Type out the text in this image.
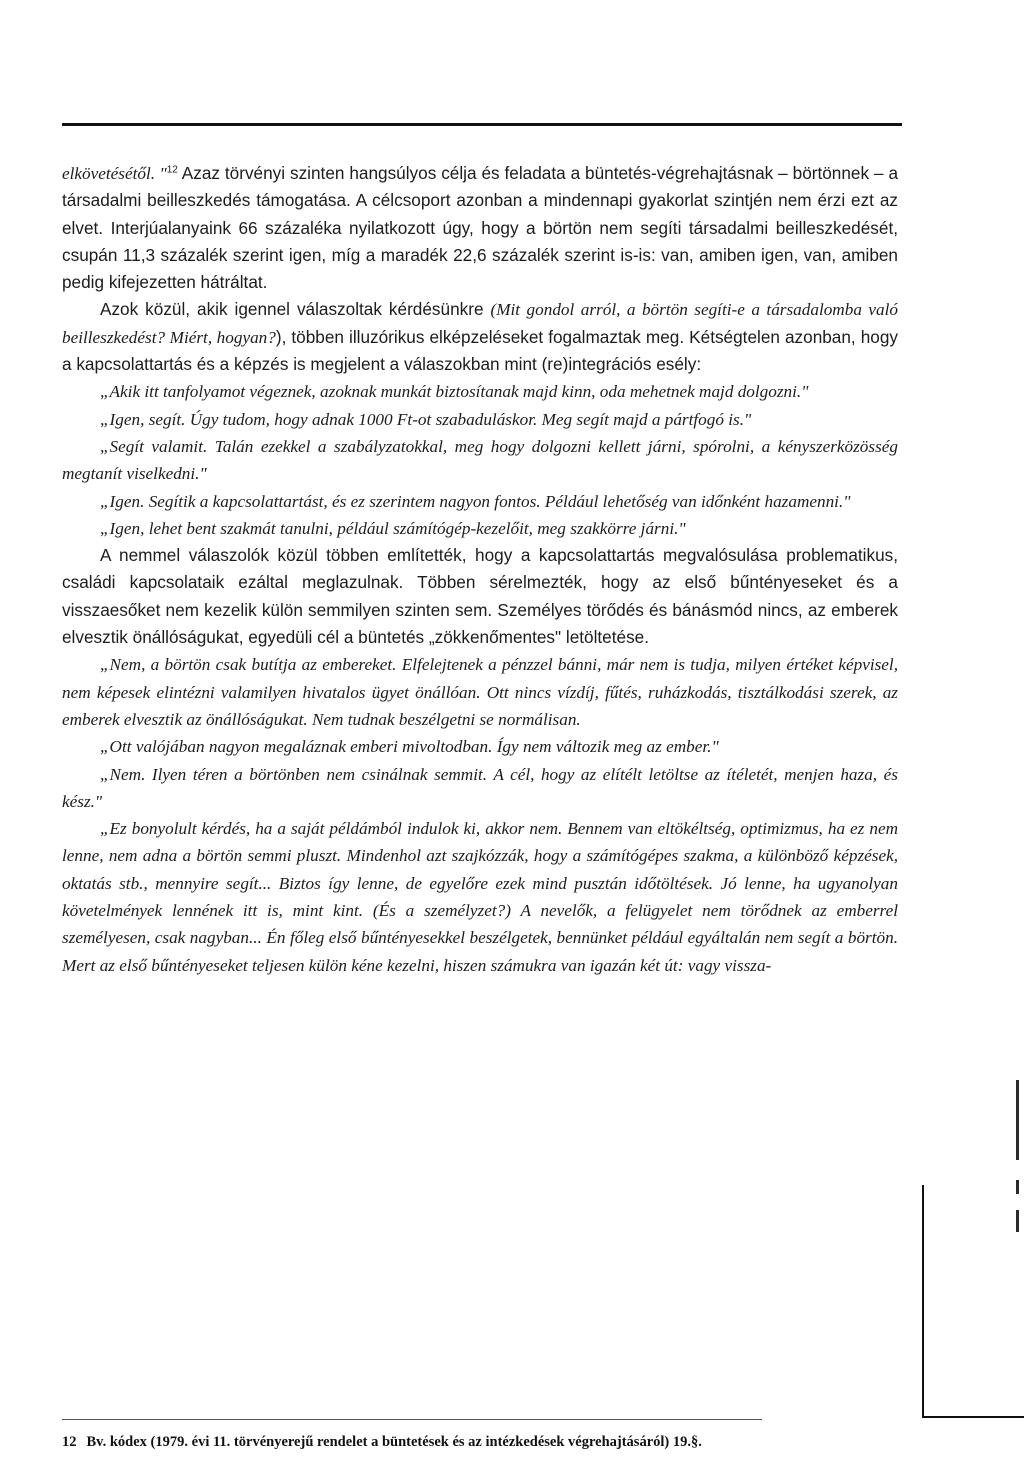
elkövetésétől. "$^{12}$ Azaz törvényi szinten hangsúlyos célja és feladata a büntetés-végrehajtásnak – börtönnek – a társadalmi beilleszkedés támogatása. A célcsoport azonban a mindennapi gyakorlat szintjén nem érzi ezt az elvet. Interjúalanyaink 66 százaléka nyilatkozott úgy, hogy a börtön nem segíti társadalmi beilleszkedését, csupán 11,3 százalék szerint igen, míg a maradék 22,6 százalék szerint is-is: van, amiben igen, van, amiben pedig kifejezetten hátráltat.

Azok közül, akik igennel válaszoltak kérdésünkre (Mit gondol arról, a börtön segíti-e a társadalomba való beilleszkedést? Miért, hogyan?), többen illuzórikus elképzeléseket fogalmaztak meg. Kétségtelen azonban, hogy a kapcsolattartás és a képzés is megjelent a válaszokban mint (re)integrációs esély:

„Akik itt tanfolyamot végeznek, azoknak munkát biztosítanak majd kinn, oda mehetnek majd dolgozni."

„Igen, segít. Úgy tudom, hogy adnak 1000 Ft-ot szabaduláskor. Meg segít majd a pártfogó is."

„Segít valamit. Talán ezekkel a szabályzatokkal, meg hogy dolgozni kellett járni, spórolni, a kényszerközösség megtanít viselkedni."

„Igen. Segítik a kapcsolattartást, és ez szerintem nagyon fontos. Például lehetőség van időnként hazamenni."

„Igen, lehet bent szakmát tanulni, például számítógép-kezelőit, meg szakkörre járni."

A nemmel válaszolók közül többen említették, hogy a kapcsolattartás megvalósulása problematikus, családi kapcsolataik ezáltal meglazulnak. Többen sérelmezték, hogy az első bűntényeseket és a visszaesőket nem kezelik külön semmilyen szinten sem. Személyes törődés és bánásmód nincs, az emberek elvesztik önállóságukat, egyedüli cél a büntetés „zökkenőmentes" letöltetése.

„Nem, a börtön csak butítja az embereket. Elfelejtenek a pénzzel bánni, már nem is tudja, milyen értéket képvisel, nem képesek elintézni valamilyen hivatalos ügyet önállóan. Ott nincs vízdíj, fűtés, ruházkodás, tisztálkodási szerek, az emberek elvesztik az önállóságukat. Nem tudnak beszélgetni se normálisan.

„Ott valójában nagyon megaláznak emberi mivoltodban. Így nem változik meg az ember."

„Nem. Ilyen téren a börtönben nem csinálnak semmit. A cél, hogy az elítélt letöltse az ítéletét, menjen haza, és kész."

„Ez bonyolult kérdés, ha a saját példámból indulok ki, akkor nem. Bennem van eltökéltség, optimizmus, ha ez nem lenne, nem adna a börtön semmi pluszt. Mindenhol azt szajkózzák, hogy a számítógépes szakma, a különböző képzések, oktatás stb., mennyire segít... Biztos így lenne, de egyelőre ezek mind pusztán időtöltések. Jó lenne, ha ugyanolyan követelmények lennének itt is, mint kint. (És a személyzet?) A nevelők, a felügyelet nem törődnek az emberrel személyesen, csak nagyban... Én főleg első bűntényesekkel beszélgetek, bennünket például egyáltalán nem segít a börtön. Mert az első bűntényeseket teljesen külön kéne kezelni, hiszen számukra van igazán két út: vagy vissza-

12 Bv. kódex (1979. évi 11. törvényerejű rendelet a büntetések és az intézkedések végrehajtásáról) 19.§.
